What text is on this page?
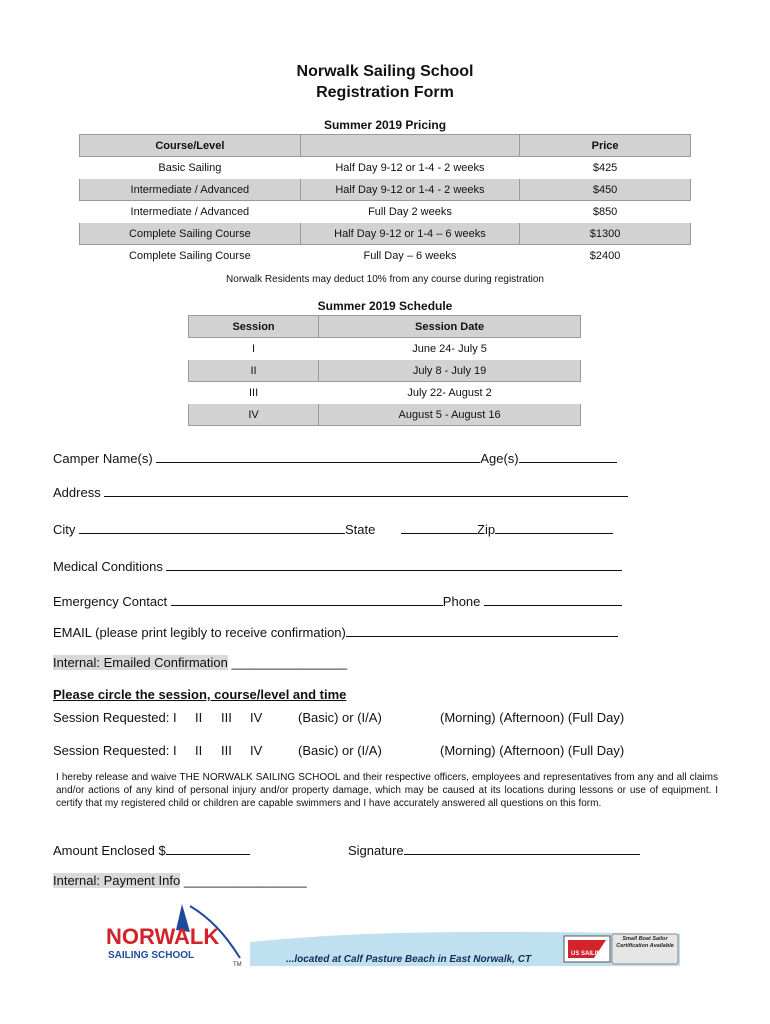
Norwalk Sailing School
Registration Form
Summer 2019 Pricing
Course/Level		Price
Basic Sailing	Half Day 9-12 or 1-4 - 2 weeks	$425
Intermediate / Advanced	Half Day 9-12 or 1-4 - 2 weeks	$450
Intermediate / Advanced	Full Day 2 weeks	$850
Complete Sailing Course	Half Day 9-12 or 1-4 – 6 weeks	$1300
Complete Sailing Course	Full Day – 6 weeks	$2400
Norwalk Residents may deduct 10% from any course during registration
Summer 2019 Schedule
Session	Session Date
I	June 24- July 5
II	July 8 - July 19
III	July 22- August 2
IV	August 5 - August 16
Camper Name(s)	Age(s)
Address
City	State	Zip
Medical Conditions
Emergency Contact	Phone
EMAIL (please print legibly to receive confirmation)
Internal: Emailed Confirmation ________________
Please circle the session, course/level and time
Session Requested: I II III IV	(Basic) or (I/A)	(Morning) (Afternoon) (Full Day)
Session Requested: I II III IV	(Basic) or (I/A)	(Morning) (Afternoon) (Full Day)
I hereby release and waive THE NORWALK SAILING SCHOOL and their respective officers, employees and representatives from any and all claims and/or actions of any kind of personal injury and/or property damage, which may be caused at its locations during lessons or use of equipment. I certify that my registered child or children are capable swimmers and I have accurately answered all questions on this form.
Amount Enclosed $	Signature
Internal: Payment Info _________________
NORWALK
SAILING SCHOOL
TM	...located at Calf Pasture Beach in East Norwalk, CT	US SAILING
Small Boat Sailor Certification Available
